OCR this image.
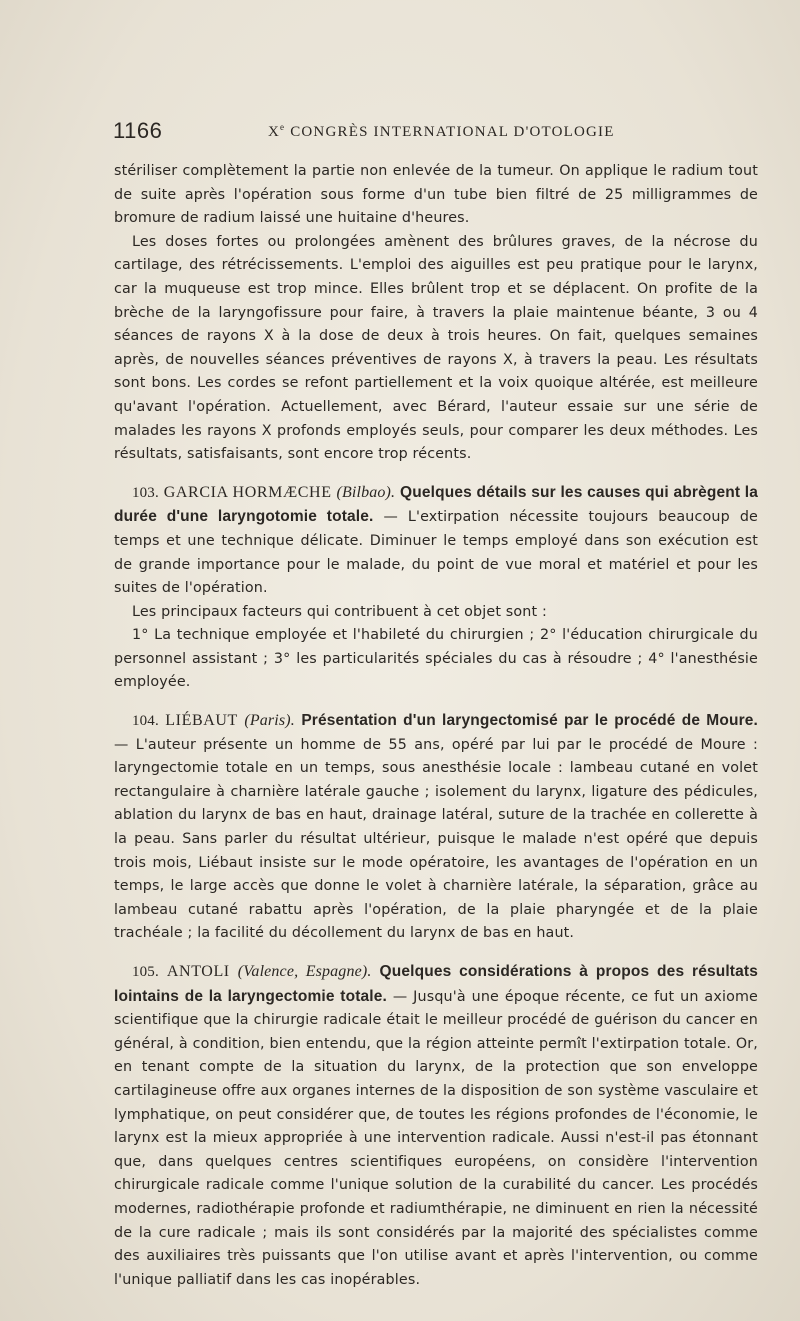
1166	Xe CONGRÈS INTERNATIONAL D'OTOLOGIE

stériliser complètement la partie non enlevée de la tumeur. On applique le radium tout de suite après l'opération sous forme d'un tube bien filtré de 25 milligrammes de bromure de radium laissé une huitaine d'heures.

Les doses fortes ou prolongées amènent des brûlures graves, de la nécrose du cartilage, des rétrécissements. L'emploi des aiguilles est peu pratique pour le larynx, car la muqueuse est trop mince. Elles brûlent trop et se déplacent. On profite de la brèche de la laryngofissure pour faire, à travers la plaie maintenue béante, 3 ou 4 séances de rayons X à la dose de deux à trois heures. On fait, quelques semaines après, de nouvelles séances préventives de rayons X, à travers la peau. Les résultats sont bons. Les cordes se refont partiellement et la voix quoique altérée, est meilleure qu'avant l'opération. Actuellement, avec Bérard, l'auteur essaie sur une série de malades les rayons X profonds employés seuls, pour comparer les deux méthodes. Les résultats, satisfaisants, sont encore trop récents.

103. GARCIA HORMÆCHE (Bilbao). Quelques détails sur les causes qui abrègent la durée d'une laryngotomie totale. — L'extirpation nécessite toujours beaucoup de temps et une technique délicate. Diminuer le temps employé dans son exécution est de grande importance pour le malade, du point de vue moral et matériel et pour les suites de l'opération.

Les principaux facteurs qui contribuent à cet objet sont :

1° La technique employée et l'habileté du chirurgien ; 2° l'éducation chirurgicale du personnel assistant ; 3° les particularités spéciales du cas à résoudre ; 4° l'anesthésie employée.

104. LIÉBAUT (Paris). Présentation d'un laryngectomisé par le procédé de Moure. — L'auteur présente un homme de 55 ans, opéré par lui par le procédé de Moure : laryngectomie totale en un temps, sous anesthésie locale : lambeau cutané en volet rectangulaire à charnière latérale gauche ; isolement du larynx, ligature des pédicules, ablation du larynx de bas en haut, drainage latéral, suture de la trachée en collerette à la peau. Sans parler du résultat ultérieur, puisque le malade n'est opéré que depuis trois mois, Liébaut insiste sur le mode opératoire, les avantages de l'opération en un temps, le large accès que donne le volet à charnière latérale, la séparation, grâce au lambeau cutané rabattu après l'opération, de la plaie pharyngée et de la plaie trachéale ; la facilité du décollement du larynx de bas en haut.

105. ANTOLI (Valence, Espagne). Quelques considérations à propos des résultats lointains de la laryngectomie totale. — Jusqu'à une époque récente, ce fut un axiome scientifique que la chirurgie radicale était le meilleur procédé de guérison du cancer en général, à condition, bien entendu, que la région atteinte permît l'extirpation totale. Or, en tenant compte de la situation du larynx, de la protection que son enveloppe cartilagineuse offre aux organes internes de la disposition de son système vasculaire et lymphatique, on peut considérer que, de toutes les régions profondes de l'économie, le larynx est la mieux appropriée à une intervention radicale. Aussi n'est-il pas étonnant que, dans quelques centres scientifiques européens, on considère l'intervention chirurgicale radicale comme l'unique solution de la curabilité du cancer. Les procédés modernes, radiothérapie profonde et radiumthérapie, ne diminuent en rien la nécessité de la cure radicale ; mais ils sont considérés par la majorité des spécialistes comme des auxiliaires très puissants que l'on utilise avant et après l'intervention, ou comme l'unique palliatif dans les cas inopérables.
